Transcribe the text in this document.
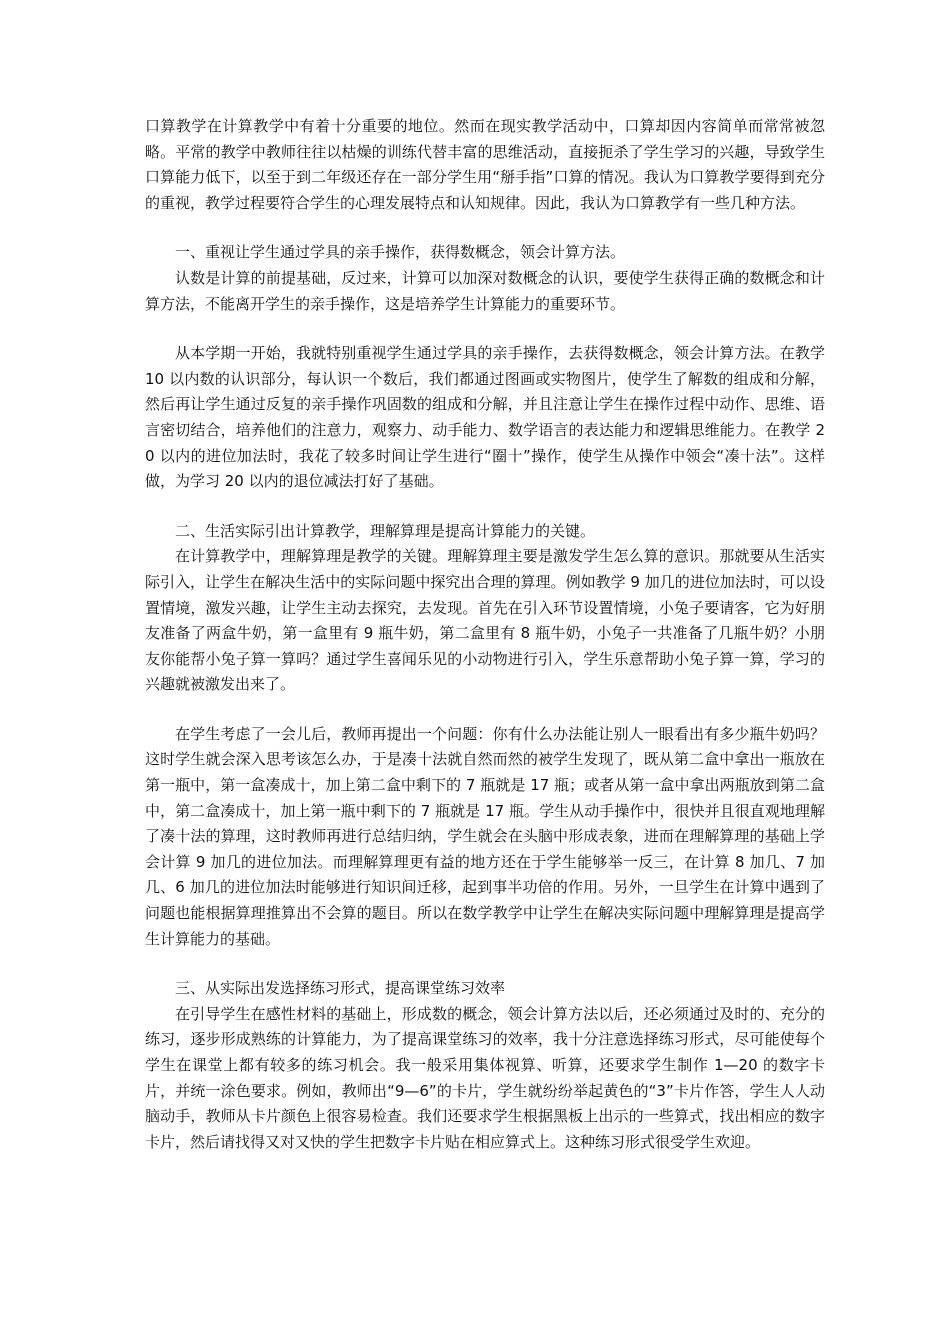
口算教学在计算教学中有着十分重要的地位。然而在现实教学活动中，口算却因内容简单而常常被忽略。平常的教学中教师往往以枯燥的训练代替丰富的思维活动，直接扼杀了学生学习的兴趣，导致学生口算能力低下，以至于到二年级还存在一部分学生用“掰手指”口算的情况。我认为口算教学要得到充分的重视，教学过程要符合学生的心理发展特点和认知规律。因此，我认为口算教学有一些几种方法。

一、重视让学生通过学具的亲手操作，获得数概念，领会计算方法。

认数是计算的前提基础，反过来，计算可以加深对数概念的认识，要使学生获得正确的数概念和计算方法，不能离开学生的亲手操作，这是培养学生计算能力的重要环节。

从本学期一开始，我就特别重视学生通过学具的亲手操作，去获得数概念，领会计算方法。在教学 10 以内数的认识部分，每认识一个数后，我们都通过图画或实物图片，使学生了解数的组成和分解，然后再让学生通过反复的亲手操作巩固数的组成和分解，并且注意让学生在操作过程中动作、思维、语言密切结合，培养他们的注意力，观察力、动手能力、数学语言的表达能力和逻辑思维能力。在教学 20 以内的进位加法时，我花了较多时间让学生进行“圈十”操作，使学生从操作中领会“凑十法”。这样做，为学习 20 以内的退位减法打好了基础。

二、生活实际引出计算教学，理解算理是提高计算能力的关键。

在计算教学中，理解算理是教学的关键。理解算理主要是激发学生怎么算的意识。那就要从生活实际引入，让学生在解决生活中的实际问题中探究出合理的算理。例如教学 9 加几的进位加法时，可以设置情境，激发兴趣，让学生主动去探究，去发现。首先在引入环节设置情境，小兔子要请客，它为好朋友准备了两盒牛奶，第一盒里有 9 瓶牛奶，第二盒里有 8 瓶牛奶，小兔子一共准备了几瓶牛奶？小朋友你能帮小兔子算一算吗？通过学生喜闻乐见的小动物进行引入，学生乐意帮助小兔子算一算，学习的兴趣就被激发出来了。

在学生考虑了一会儿后，教师再提出一个问题：你有什么办法能让别人一眼看出有多少瓶牛奶吗？这时学生就会深入思考该怎么办，于是凑十法就自然而然的被学生发现了，既从第二盒中拿出一瓶放在第一瓶中，第一盒凑成十，加上第二盒中剩下的 7 瓶就是 17 瓶；或者从第一盒中拿出两瓶放到第二盒中，第二盒凑成十，加上第一瓶中剩下的 7 瓶就是 17 瓶。学生从动手操作中，很快并且很直观地理解了凑十法的算理，这时教师再进行总结归纳，学生就会在头脑中形成表象，进而在理解算理的基础上学会计算 9 加几的进位加法。而理解算理更有益的地方还在于学生能够举一反三，在计算 8 加几、7 加几、6 加几的进位加法时能够进行知识间迁移，起到事半功倍的作用。另外，一旦学生在计算中遇到了问题也能根据算理推算出不会算的题目。所以在数学教学中让学生在解决实际问题中理解算理是提高学生计算能力的基础。

三、从实际出发选择练习形式，提高课堂练习效率

在引导学生在感性材料的基础上，形成数的概念，领会计算方法以后，还必须通过及时的、充分的练习，逐步形成熟练的计算能力，为了提高课堂练习的效率，我十分注意选择练习形式，尽可能使每个学生在课堂上都有较多的练习机会。我一般采用集体视算、听算，还要求学生制作 1—20 的数字卡片，并统一涂色要求。例如，教师出“9—6”的卡片，学生就纷纷举起黄色的“3”卡片作答，学生人人动脑动手，教师从卡片颜色上很容易检查。我们还要求学生根据黑板上出示的一些算式，找出相应的数字卡片，然后请找得又对又快的学生把数字卡片贴在相应算式上。这种练习形式很受学生欢迎。
